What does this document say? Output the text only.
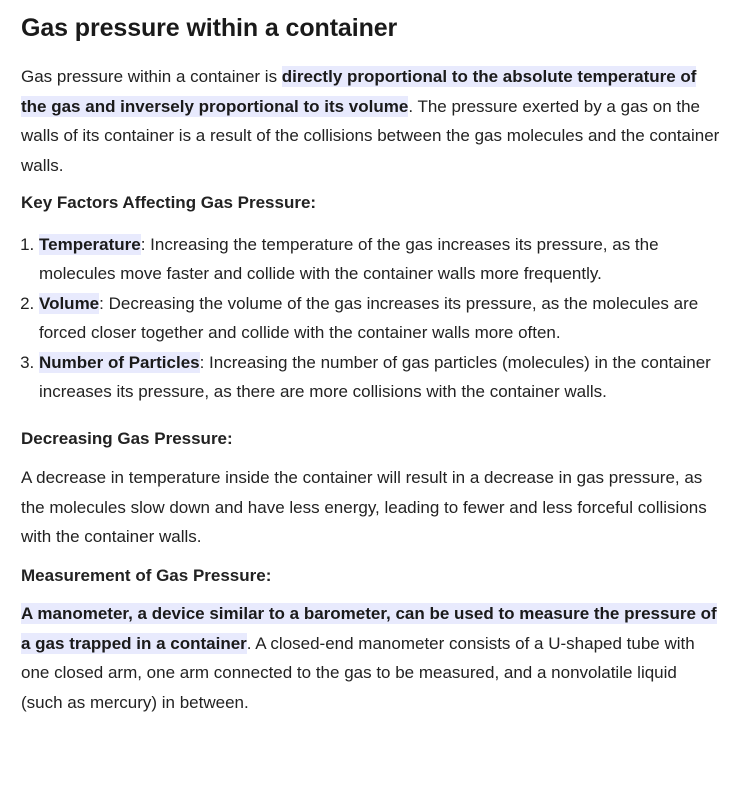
Gas pressure within a container

Gas pressure within a container is directly proportional to the absolute temperature of the gas and inversely proportional to its volume. The pressure exerted by a gas on the walls of its container is a result of the collisions between the gas molecules and the container walls.

Key Factors Affecting Gas Pressure:

1. Temperature: Increasing the temperature of the gas increases its pressure, as the molecules move faster and collide with the container walls more frequently.
2. Volume: Decreasing the volume of the gas increases its pressure, as the molecules are forced closer together and collide with the container walls more often.
3. Number of Particles: Increasing the number of gas particles (molecules) in the container increases its pressure, as there are more collisions with the container walls.

Decreasing Gas Pressure:

A decrease in temperature inside the container will result in a decrease in gas pressure, as the molecules slow down and have less energy, leading to fewer and less forceful collisions with the container walls.

Measurement of Gas Pressure:

A manometer, a device similar to a barometer, can be used to measure the pressure of a gas trapped in a container. A closed-end manometer consists of a U-shaped tube with one closed arm, one arm connected to the gas to be measured, and a nonvolatile liquid (such as mercury) in between.
